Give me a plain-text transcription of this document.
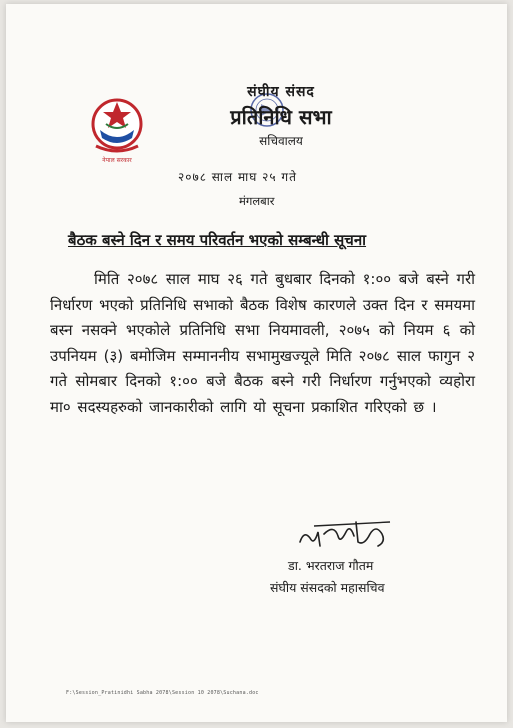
नेपाल सरकार
संघीय संसद
प्रतिनिधि सभा
सचिवालय
२०७८ साल माघ २५ गते
मंगलबार
बैठक बस्ने दिन र समय परिवर्तन भएको सम्बन्धी सूचना
मिति २०७८ साल माघ २६ गते बुधबार दिनको १:०० बजे बस्ने गरी निर्धारण भएको प्रतिनिधि सभाको बैठक विशेष कारणले उक्त दिन र समयमा बस्न नसक्ने भएकोले प्रतिनिधि सभा नियमावली, २०७५ को नियम ६ को उपनियम (३) बमोजिम सम्माननीय सभामुखज्यूले मिति २०७८ साल फागुन २ गते सोमबार दिनको १:०० बजे बैठक बस्ने गरी निर्धारण गर्नुभएको व्यहोरा मा० सदस्यहरुको जानकारीको लागि यो सूचना प्रकाशित गरिएको छ ।
डा. भरतराज गौतम
संघीय संसदको महासचिव
F:\Session_Pratinidhi Sabha 2078\Session 10 2078\Suchana.doc
